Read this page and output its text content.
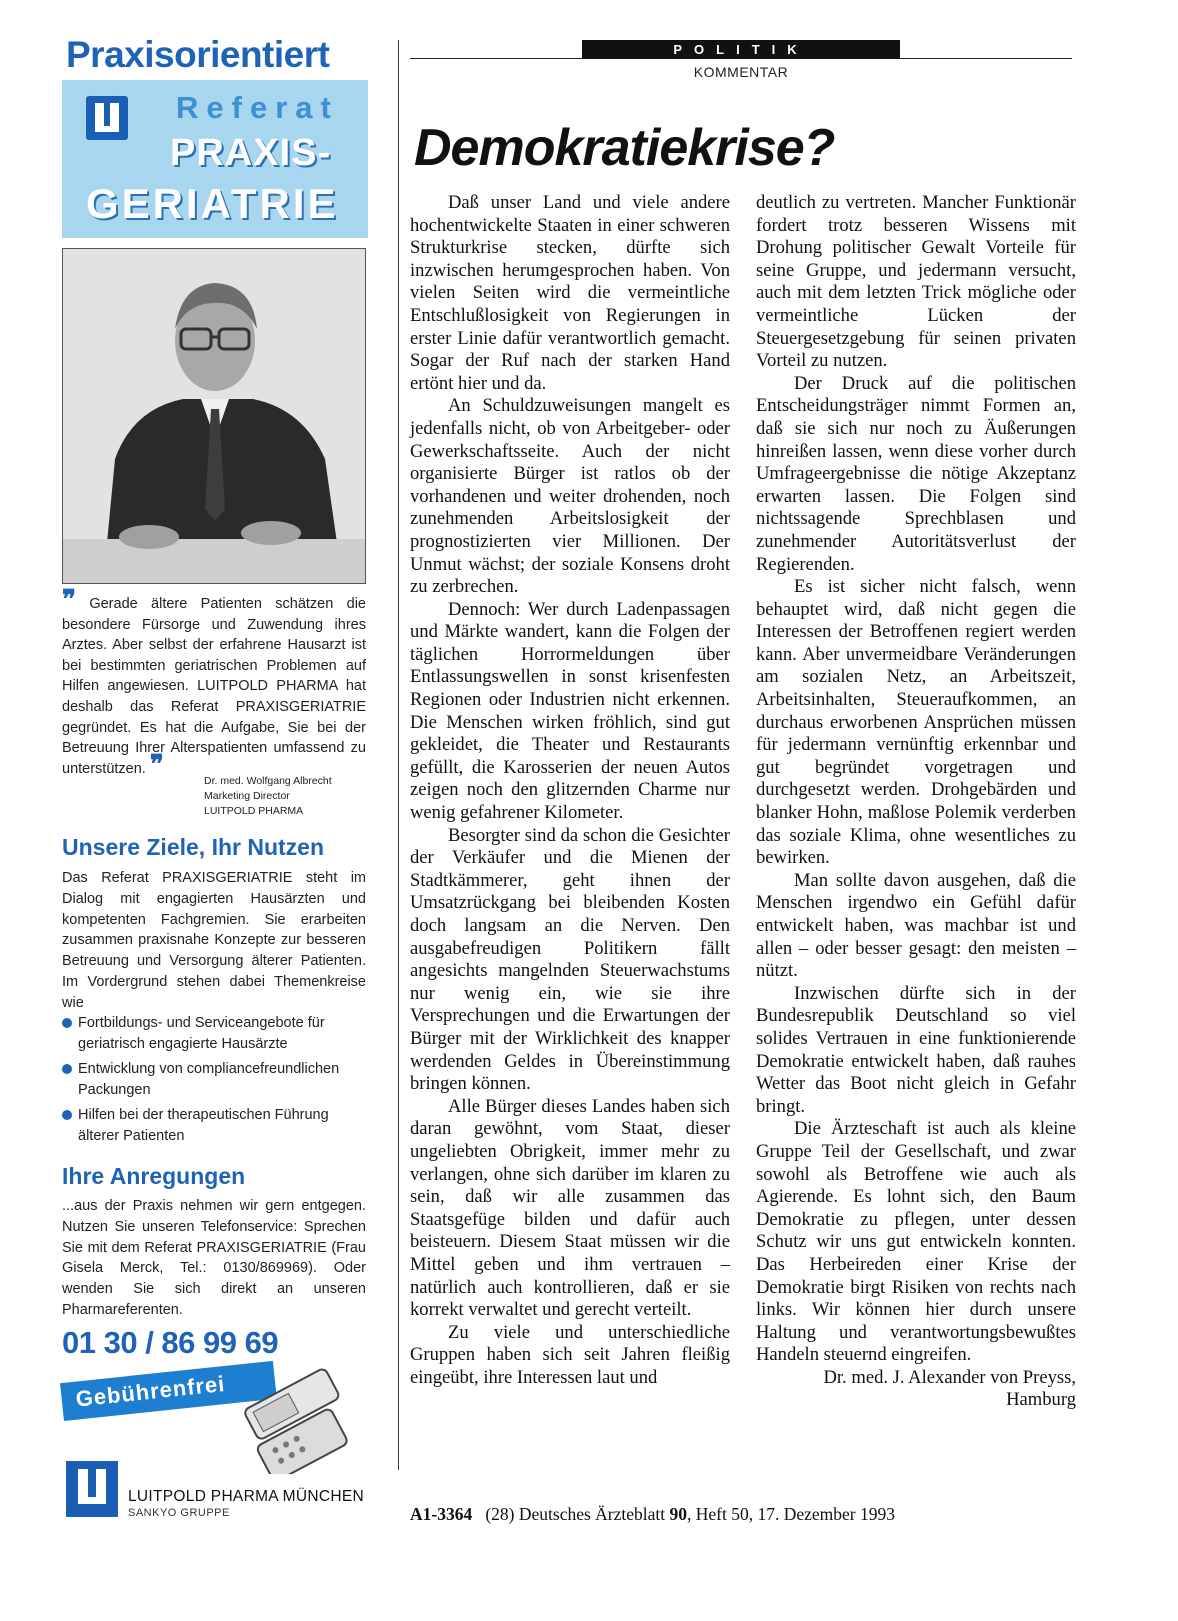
Praxisorientiert
Referat
PRAXIS-
GERIATRIE
❞ Gerade ältere Patienten schätzen die besondere Fürsorge und Zuwendung ihres Arztes. Aber selbst der erfahrene Hausarzt ist bei bestimmten geriatrischen Problemen auf Hilfen angewiesen. LUITPOLD PHARMA hat deshalb das Referat PRAXISGERIATRIE gegründet. Es hat die Aufgabe, Sie bei der Betreuung Ihrer Alterspatienten umfassend zu unterstützen. ❞
Dr. med. Wolfgang Albrecht
Marketing Director
LUITPOLD PHARMA
Unsere Ziele, Ihr Nutzen
Das Referat PRAXISGERIATRIE steht im Dialog mit engagierten Hausärzten und kompetenten Fachgremien. Sie erarbeiten zusammen praxisnahe Konzepte zur besseren Betreuung und Versorgung älterer Patienten. Im Vordergrund stehen dabei Themenkreise wie
Fortbildungs- und Serviceangebote für geriatrisch engagierte Hausärzte
Entwicklung von compliancefreundlichen Packungen
Hilfen bei der therapeutischen Führung älterer Patienten
Ihre Anregungen
...aus der Praxis nehmen wir gern entgegen. Nutzen Sie unseren Telefonservice: Sprechen Sie mit dem Referat PRAXISGERIATRIE (Frau Gisela Merck, Tel.: 0130/869969). Oder wenden Sie sich direkt an unseren Pharmareferenten.
01 30 / 86 99 69
Gebührenfrei
LUITPOLD PHARMA MÜNCHEN
SANKYO GRUPPE
POLITIK
KOMMENTAR
Demokratiekrise?

Daß unser Land und viele andere hochentwickelte Staaten in einer schweren Strukturkrise stecken, dürfte sich inzwischen herumgesprochen haben. Von vielen Seiten wird die vermeintliche Entschlußlosigkeit von Regierungen in erster Linie dafür verantwortlich gemacht. Sogar der Ruf nach der starken Hand ertönt hier und da.

An Schuldzuweisungen mangelt es jedenfalls nicht, ob von Arbeitgeber- oder Gewerkschaftsseite. Auch der nicht organisierte Bürger ist ratlos ob der vorhandenen und weiter drohenden, noch zunehmenden Arbeitslosigkeit der prognostizierten vier Millionen. Der Unmut wächst; der soziale Konsens droht zu zerbrechen.

Dennoch: Wer durch Ladenpassagen und Märkte wandert, kann die Folgen der täglichen Horrormeldungen über Entlassungswellen in sonst krisenfesten Regionen oder Industrien nicht erkennen. Die Menschen wirken fröhlich, sind gut gekleidet, die Theater und Restaurants gefüllt, die Karosserien der neuen Autos zeigen noch den glitzernden Charme nur wenig gefahrener Kilometer.

Besorgter sind da schon die Gesichter der Verkäufer und die Mienen der Stadtkämmerer, geht ihnen der Umsatzrückgang bei bleibenden Kosten doch langsam an die Nerven. Den ausgabefreudigen Politikern fällt angesichts mangelnden Steuerwachstums nur wenig ein, wie sie ihre Versprechungen und die Erwartungen der Bürger mit der Wirklichkeit des knapper werdenden Geldes in Übereinstimmung bringen können.

Alle Bürger dieses Landes haben sich daran gewöhnt, vom Staat, dieser ungeliebten Obrigkeit, immer mehr zu verlangen, ohne sich darüber im klaren zu sein, daß wir alle zusammen das Staatsgefüge bilden und dafür auch beisteuern. Diesem Staat müssen wir die Mittel geben und ihm vertrauen – natürlich auch kontrollieren, daß er sie korrekt verwaltet und gerecht verteilt.

Zu viele und unterschiedliche Gruppen haben sich seit Jahren fleißig eingeübt, ihre Interessen laut und

deutlich zu vertreten. Mancher Funktionär fordert trotz besseren Wissens mit Drohung politischer Gewalt Vorteile für seine Gruppe, und jedermann versucht, auch mit dem letzten Trick mögliche oder vermeintliche Lücken der Steuergesetzgebung für seinen privaten Vorteil zu nutzen.

Der Druck auf die politischen Entscheidungsträger nimmt Formen an, daß sie sich nur noch zu Äußerungen hinreißen lassen, wenn diese vorher durch Umfrageergebnisse die nötige Akzeptanz erwarten lassen. Die Folgen sind nichtssagende Sprechblasen und zunehmender Autoritätsverlust der Regierenden.

Es ist sicher nicht falsch, wenn behauptet wird, daß nicht gegen die Interessen der Betroffenen regiert werden kann. Aber unvermeidbare Veränderungen am sozialen Netz, an Arbeitszeit, Arbeitsinhalten, Steueraufkommen, an durchaus erworbenen Ansprüchen müssen für jedermann vernünftig erkennbar und gut begründet vorgetragen und durchgesetzt werden. Drohgebärden und blanker Hohn, maßlose Polemik verderben das soziale Klima, ohne wesentliches zu bewirken.

Man sollte davon ausgehen, daß die Menschen irgendwo ein Gefühl dafür entwickelt haben, was machbar ist und allen – oder besser gesagt: den meisten – nützt.

Inzwischen dürfte sich in der Bundesrepublik Deutschland so viel solides Vertrauen in eine funktionierende Demokratie entwickelt haben, daß rauhes Wetter das Boot nicht gleich in Gefahr bringt.

Die Ärzteschaft ist auch als kleine Gruppe Teil der Gesellschaft, und zwar sowohl als Betroffene wie auch als Agierende. Es lohnt sich, den Baum Demokratie zu pflegen, unter dessen Schutz wir uns gut entwickeln konnten. Das Herbeireden einer Krise der Demokratie birgt Risiken von rechts nach links. Wir können hier durch unsere Haltung und verantwortungsbewußtes Handeln steuernd eingreifen.

Dr. med. J. Alexander von Preyss,

Hamburg

A1-3364 (28) Deutsches Ärzteblatt 90, Heft 50, 17. Dezember 1993
